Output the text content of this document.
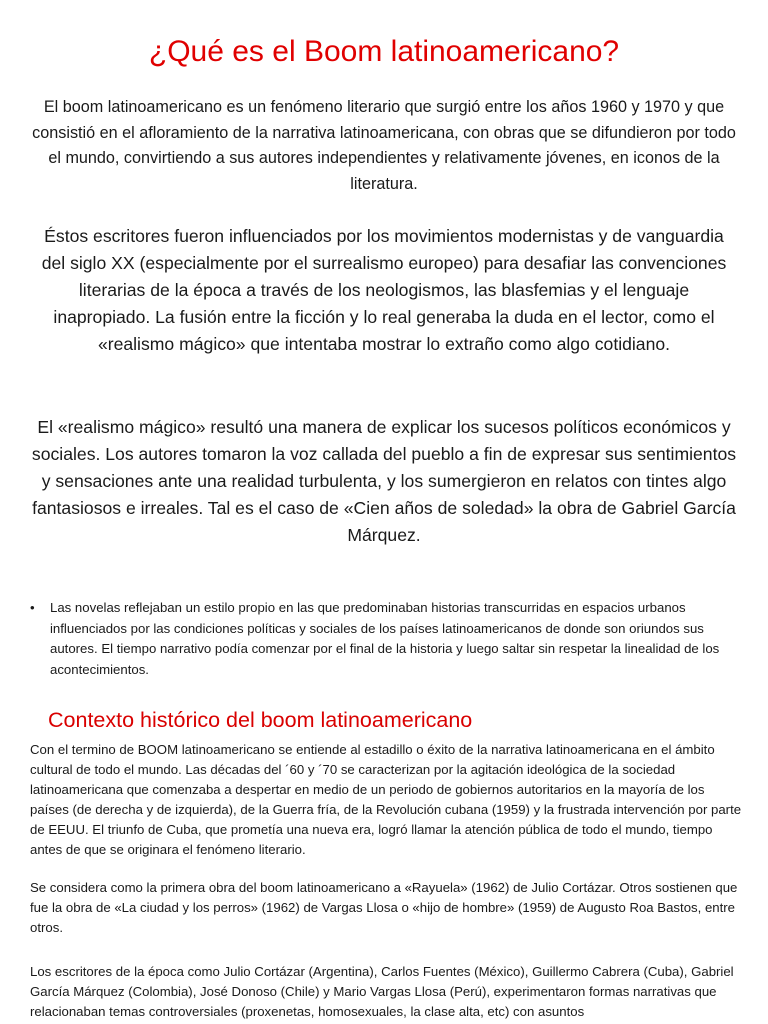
¿Qué es el Boom latinoamericano?

El boom latinoamericano es un fenómeno literario que surgió entre los años 1960 y 1970 y que consistió en el afloramiento de la narrativa latinoamericana, con obras que se difundieron por todo el mundo, convirtiendo a sus autores independientes y relativamente jóvenes, en iconos de la literatura.

Éstos escritores fueron influenciados por los movimientos modernistas y de vanguardia del siglo XX (especialmente por el surrealismo europeo) para desafiar las convenciones literarias de la época a través de los neologismos, las blasfemias y el lenguaje inapropiado. La fusión entre la ficción y lo real generaba la duda en el lector, como el «realismo mágico» que intentaba mostrar lo extraño como algo cotidiano.

El «realismo mágico» resultó una manera de explicar los sucesos políticos económicos y sociales. Los autores tomaron la voz callada del pueblo a fin de expresar sus sentimientos y sensaciones ante una realidad turbulenta, y los sumergieron en relatos con tintes algo fantasiosos e irreales. Tal es el caso de «Cien años de soledad» la obra de Gabriel García Márquez.

• Las novelas reflejaban un estilo propio en las que predominaban historias transcurridas en espacios urbanos influenciados por las condiciones políticas y sociales de los países latinoamericanos de donde son oriundos sus autores. El tiempo narrativo podía comenzar por el final de la historia y luego saltar sin respetar la linealidad de los acontecimientos.

Contexto histórico del boom latinoamericano

Con el termino de BOOM latinoamericano se entiende al estadillo o éxito de la narrativa latinoamericana en el ámbito cultural de todo el mundo. Las décadas del ´60 y ´70 se caracterizan por la agitación ideológica de la sociedad latinoamericana que comenzaba a despertar en medio de un periodo de gobiernos autoritarios en la mayoría de los países (de derecha y de izquierda), de la Guerra fría, de la Revolución cubana (1959) y la frustrada intervención por parte de EEUU. El triunfo de Cuba, que prometía una nueva era, logró llamar la atención pública de todo el mundo, tiempo antes de que se originara el fenómeno literario.

Se considera como la primera obra del boom latinoamericano a «Rayuela» (1962) de Julio Cortázar. Otros sostienen que fue la obra de «La ciudad y los perros» (1962) de Vargas Llosa o «hijo de hombre» (1959) de Augusto Roa Bastos, entre otros.

Los escritores de la época como Julio Cortázar (Argentina), Carlos Fuentes (México), Guillermo Cabrera (Cuba), Gabriel García Márquez (Colombia), José Donoso (Chile) y Mario Vargas Llosa (Perú), experimentaron formas narrativas que relacionaban temas controversiales (proxenetas, homosexuales, la clase alta, etc) con asuntos
